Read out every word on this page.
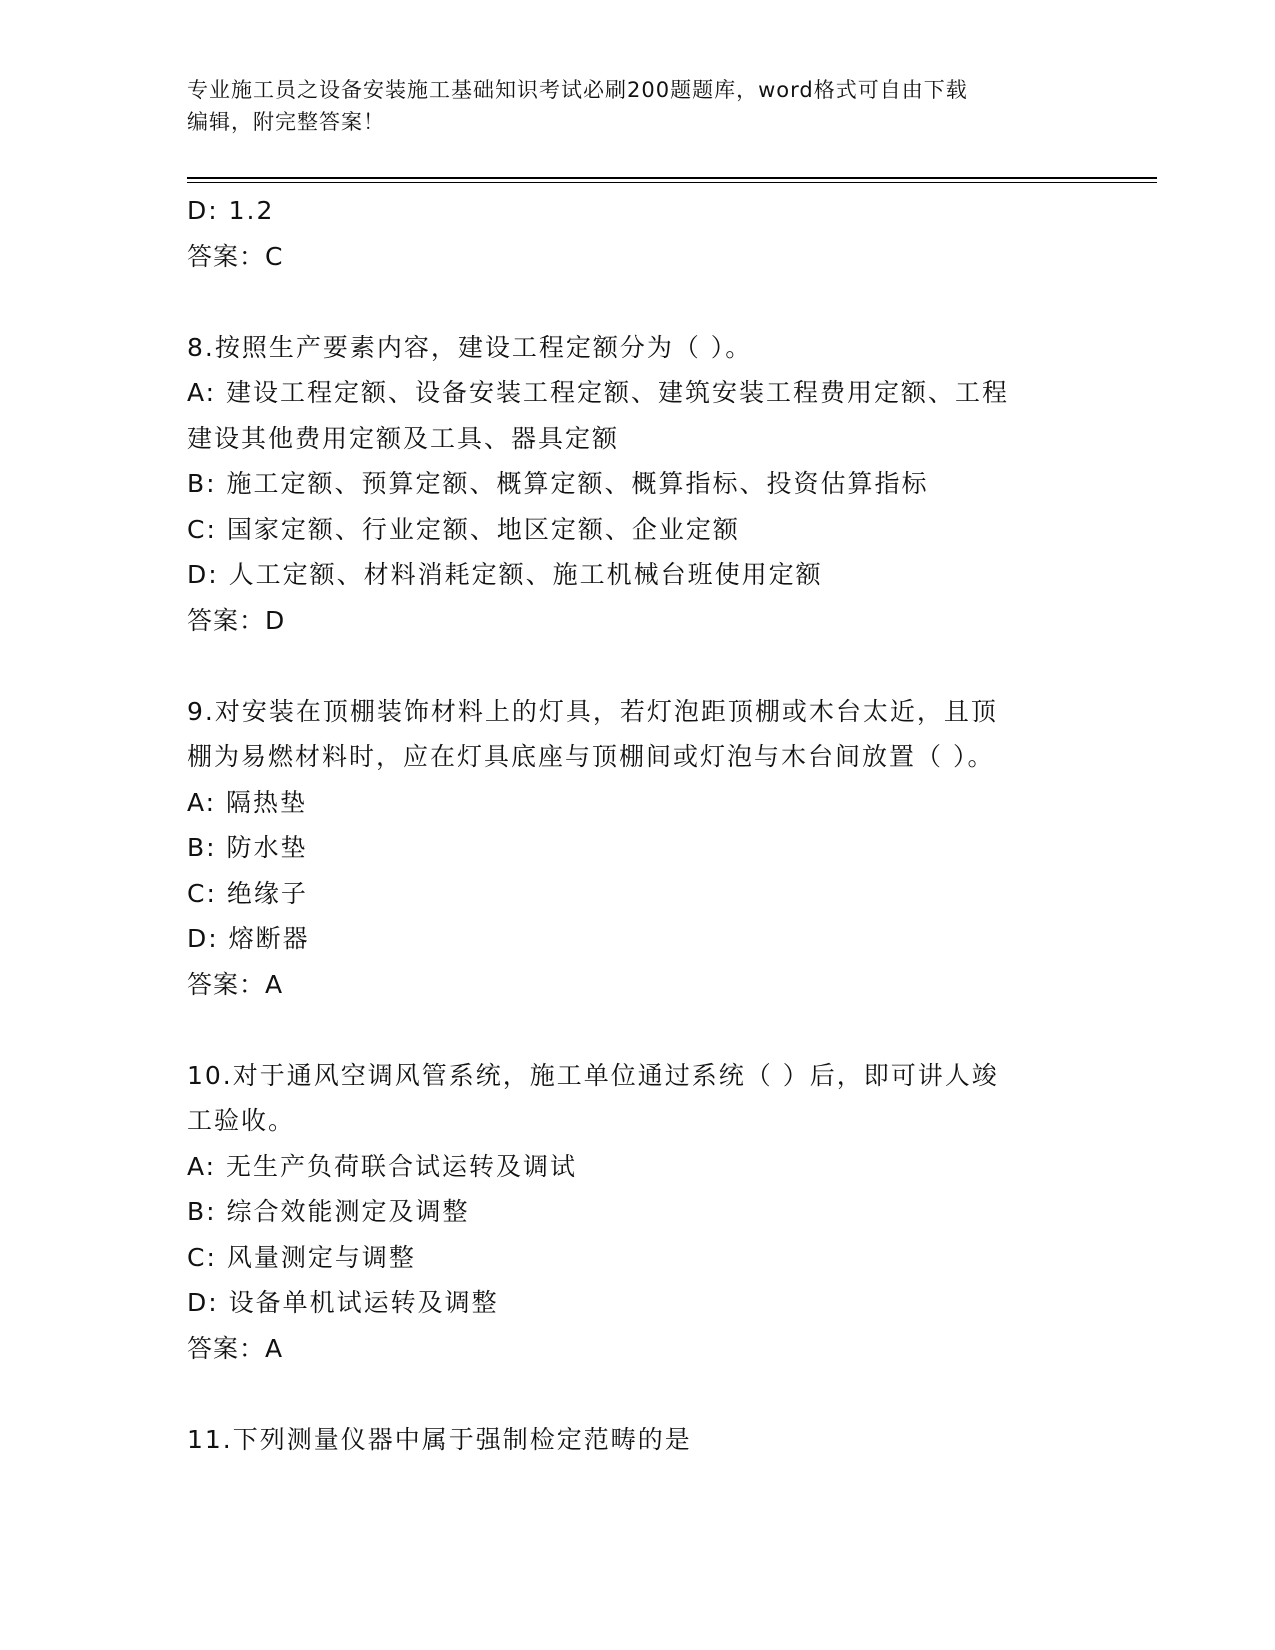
专业施工员之设备安装施工基础知识考试必刷200题题库，word格式可自由下载
编辑，附完整答案！
D: 1.2
答案：C
8.按照生产要素内容，建设工程定额分为（ ）。
A: 建设工程定额、设备安装工程定额、建筑安装工程费用定额、工程
建设其他费用定额及工具、器具定额
B: 施工定额、预算定额、概算定额、概算指标、投资估算指标
C: 国家定额、行业定额、地区定额、企业定额
D: 人工定额、材料消耗定额、施工机械台班使用定额
答案：D
9.对安装在顶棚装饰材料上的灯具，若灯泡距顶棚或木台太近，且顶
棚为易燃材料时，应在灯具底座与顶棚间或灯泡与木台间放置（ ）。
A: 隔热垫
B: 防水垫
C: 绝缘子
D: 熔断器
答案：A
10.对于通风空调风管系统，施工单位通过系统（ ）后，即可讲人竣
工验收。
A: 无生产负荷联合试运转及调试
B: 综合效能测定及调整
C: 风量测定与调整
D: 设备单机试运转及调整
答案：A
11.下列测量仪器中属于强制检定范畴的是
